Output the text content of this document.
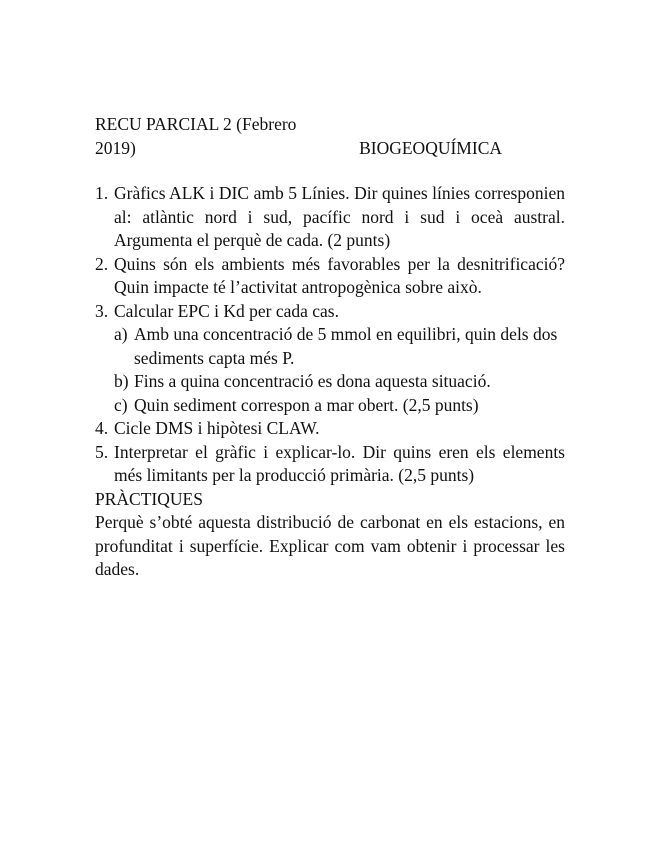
RECU PARCIAL 2 (Febrero
2019)	BIOGEOQUÍMICA
1. Gràfics ALK i DIC amb 5 Línies. Dir quines línies corresponien al: atlàntic nord i sud, pacífic nord i sud i oceà austral. Argumenta el perquè de cada. (2 punts)
2. Quins són els ambients més favorables per la desnitrificació? Quin impacte té l’activitat antropogènica sobre això.
3. Calcular EPC i Kd per cada cas.
a) Amb una concentració de 5 mmol en equilibri, quin dels dos sediments capta més P.
b) Fins a quina concentració es dona aquesta situació.
c) Quin sediment correspon a mar obert. (2,5 punts)
4. Cicle DMS i hipòtesi CLAW.
5. Interpretar el gràfic i explicar-lo. Dir quins eren els elements més limitants per la producció primària. (2,5 punts)
PRÀCTIQUES
Perquè s’obté aquesta distribució de carbonat en els estacions, en profunditat i superfície. Explicar com vam obtenir i processar les dades.
